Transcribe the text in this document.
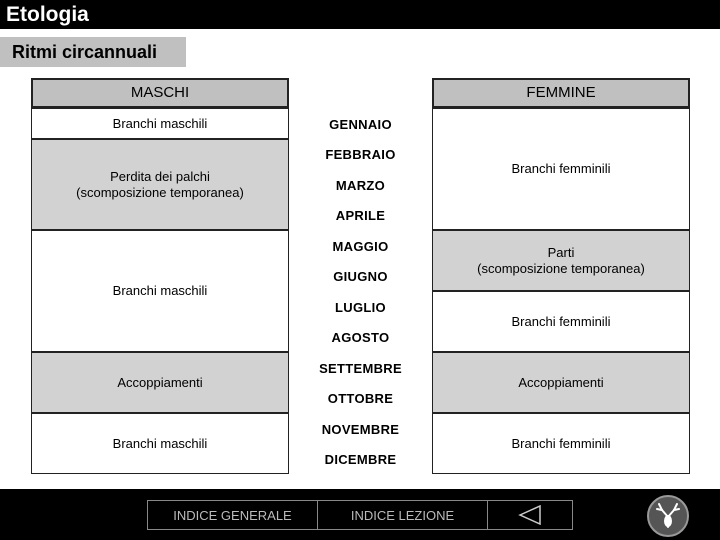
Etologia
Ritmi circannuali
MASCHI	FEMMINE
Branchi maschili
Perdita dei palchi
(scomposizione temporanea)
Branchi maschili
Accoppiamenti
Branchi maschili
Branchi femminili
Parti
(scomposizione temporanea)
Branchi femminili
Accoppiamenti
Branchi femminili
GENNAIO
FEBBRAIO
MARZO
APRILE
MAGGIO
GIUGNO
LUGLIO
AGOSTO
SETTEMBRE
OTTOBRE
NOVEMBRE
DICEMBRE
INDICE GENERALE	INDICE LEZIONE
